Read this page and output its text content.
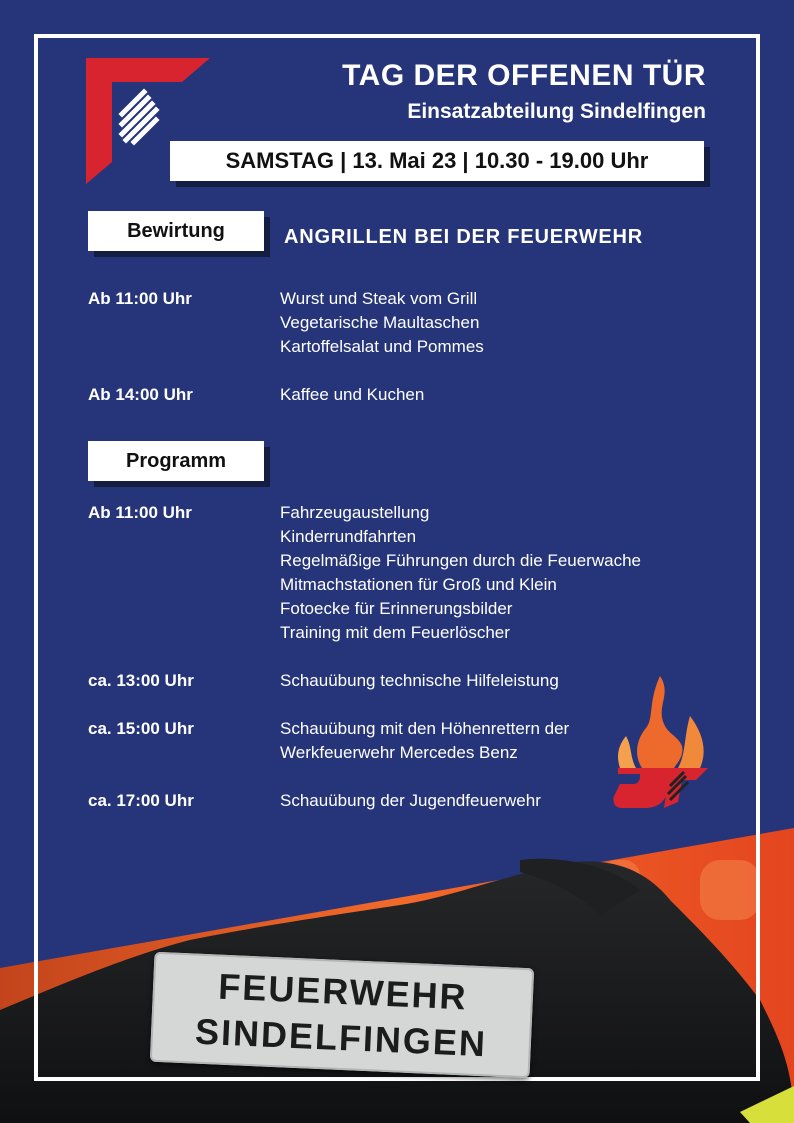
TAG DER OFFENEN TÜR
Einsatzabteilung Sindelfingen
SAMSTAG | 13. Mai 23 | 10.30 - 19.00 Uhr
Bewirtung	ANGRILLEN BEI DER FEUERWEHR
Ab 11:00 Uhr	Wurst und Steak vom Grill
Vegetarische Maultaschen
Kartoffelsalat und Pommes
Ab 14:00 Uhr	Kaffee und Kuchen
Programm
Ab 11:00 Uhr	Fahrzeugaustellung
Kinderrundfahrten
Regelmäßige Führungen durch die Feuerwache
Mitmachstationen für Groß und Klein
Fotoecke für Erinnerungsbilder
Training mit dem Feuerlöscher
ca. 13:00 Uhr	Schauübung technische Hilfeleistung
ca. 15:00 Uhr	Schauübung mit den Höhenrettern der
Werkfeuerwehr Mercedes Benz
ca. 17:00 Uhr	Schauübung der Jugendfeuerwehr
FEUERWEHR
SINDELFINGEN
